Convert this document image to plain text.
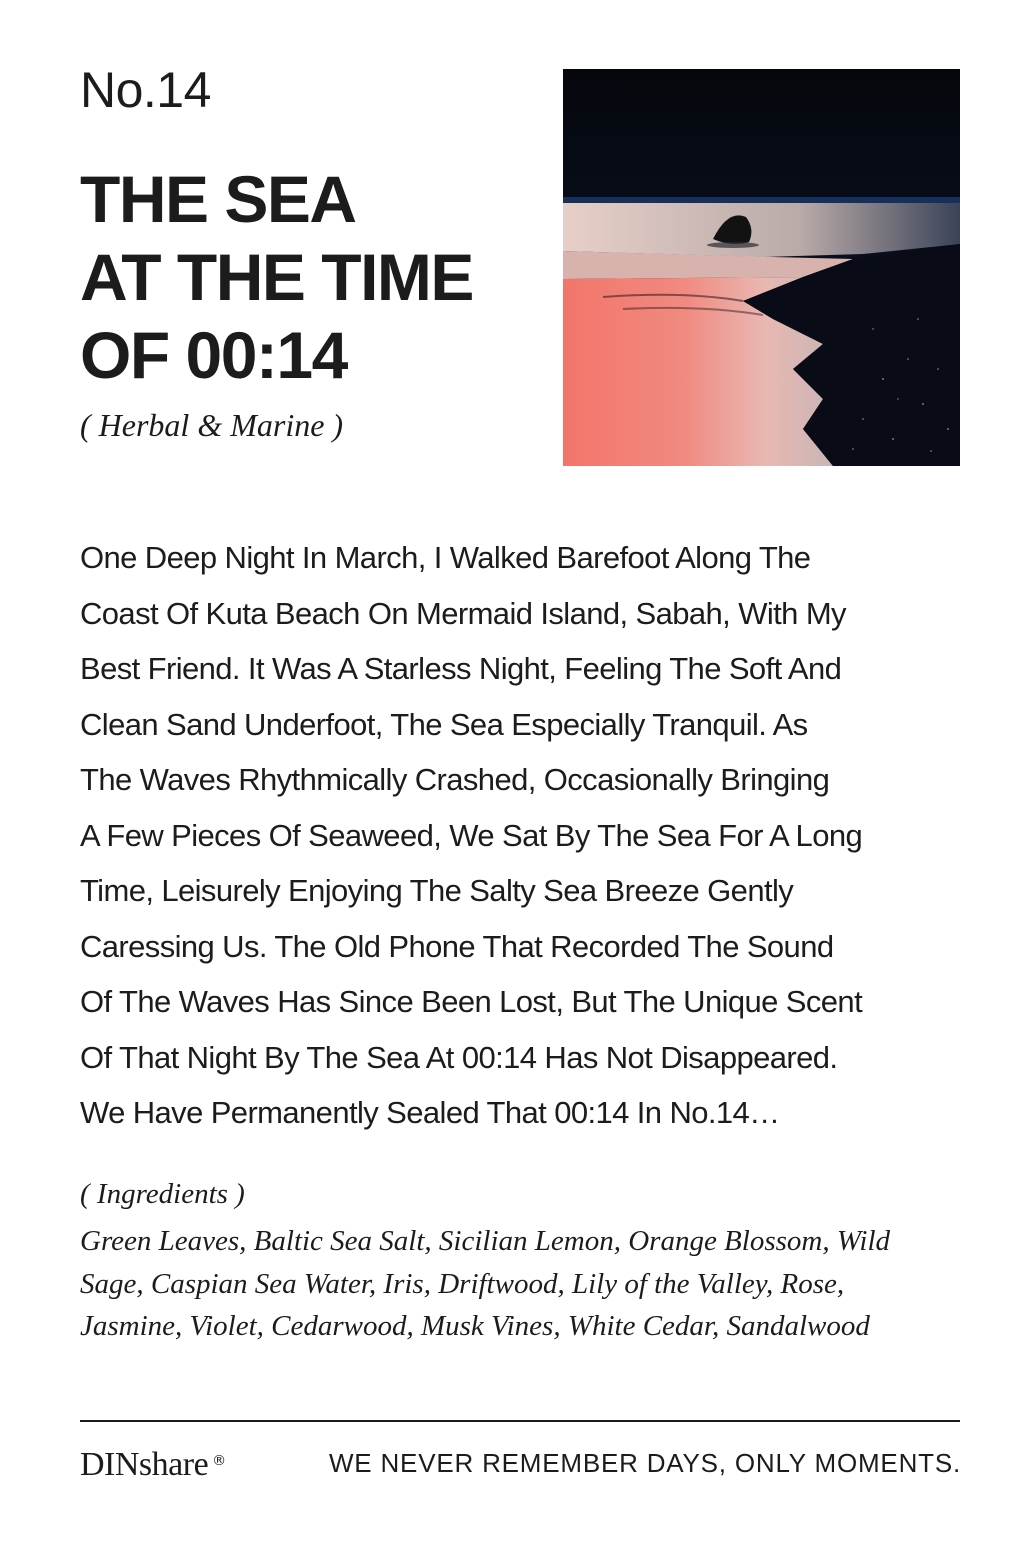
No.14
THE SEA
AT THE TIME
OF 00:14
( Herbal & Marine )
One Deep Night In March, I Walked Barefoot Along The
Coast Of Kuta Beach On Mermaid Island, Sabah, With My
Best Friend. It Was A Starless Night, Feeling The Soft And
Clean Sand Underfoot, The Sea Especially Tranquil. As
The Waves Rhythmically Crashed, Occasionally Bringing
A Few Pieces Of Seaweed, We Sat By The Sea For A Long
Time, Leisurely Enjoying The Salty Sea Breeze Gently
Caressing Us. The Old Phone That Recorded The Sound
Of The Waves Has Since Been Lost, But The Unique Scent
Of That Night By The Sea At 00:14 Has Not Disappeared.
We Have Permanently Sealed That 00:14 In No.14…
( Ingredients )
Green Leaves, Baltic Sea Salt, Sicilian Lemon, Orange Blossom, Wild
Sage, Caspian Sea Water, Iris, Driftwood, Lily of the Valley, Rose,
Jasmine, Violet, Cedarwood, Musk Vines, White Cedar, Sandalwood
DINshare ®	WE NEVER REMEMBER DAYS, ONLY MOMENTS.
